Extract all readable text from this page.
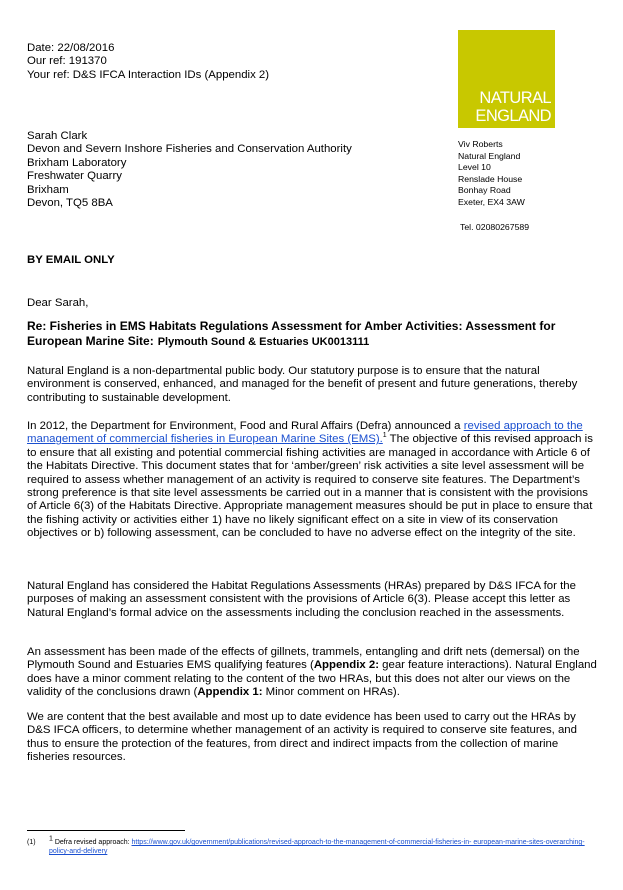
Date: 22/08/2016
Our ref: 191370
Your ref: D&S IFCA Interaction IDs (Appendix 2)
NATURAL
ENGLAND
Sarah Clark
Devon and Severn Inshore Fisheries and Conservation Authority
Brixham Laboratory
Freshwater Quarry
Brixham
Devon, TQ5 8BA
Viv Roberts
Natural England
Level 10
Renslade House
Bonhay Road
Exeter, EX4 3AW
Tel. 02080267589
BY EMAIL ONLY
Dear Sarah,
Re: Fisheries in EMS Habitats Regulations Assessment for Amber Activities: Assessment for European Marine Site: Plymouth Sound & Estuaries UK0013111
Natural England is a non-departmental public body. Our statutory purpose is to ensure that the natural environment is conserved, enhanced, and managed for the benefit of present and future generations, thereby contributing to sustainable development.
In 2012, the Department for Environment, Food and Rural Affairs (Defra) announced a revised approach to the management of commercial fisheries in European Marine Sites (EMS).$^1$ The objective of this revised approach is to ensure that all existing and potential commercial fishing activities are managed in accordance with Article 6 of the Habitats Directive. This document states that for ‘amber/green’ risk activities a site level assessment will be required to assess whether management of an activity is required to conserve site features. The Department’s strong preference is that site level assessments be carried out in a manner that is consistent with the provisions of Article 6(3) of the Habitats Directive. Appropriate management measures should be put in place to ensure that the fishing activity or activities either 1) have no likely significant effect on a site in view of its conservation objectives or b) following assessment, can be concluded to have no adverse effect on the integrity of the site.
Natural England has considered the Habitat Regulations Assessments (HRAs) prepared by D&S IFCA for the purposes of making an assessment consistent with the provisions of Article 6(3). Please accept this letter as Natural England’s formal advice on the assessments including the conclusion reached in the assessments.
An assessment has been made of the effects of gillnets, trammels, entangling and drift nets (demersal) on the Plymouth Sound and Estuaries EMS qualifying features (Appendix 2: gear feature interactions). Natural England does have a minor comment relating to the content of the two HRAs, but this does not alter our views on the validity of the conclusions drawn (Appendix 1: Minor comment on HRAs).
We are content that the best available and most up to date evidence has been used to carry out the HRAs by D&S IFCA officers, to determine whether management of an activity is required to conserve site features, and thus to ensure the protection of the features, from direct and indirect impacts from the collection of marine fisheries resources.
(1) $^1$ Defra revised approach: https://www.gov.uk/government/publications/revised-approach-to-the-management-of-commercial-fisheries-in- european-marine-sites-overarching-policy-and-delivery
